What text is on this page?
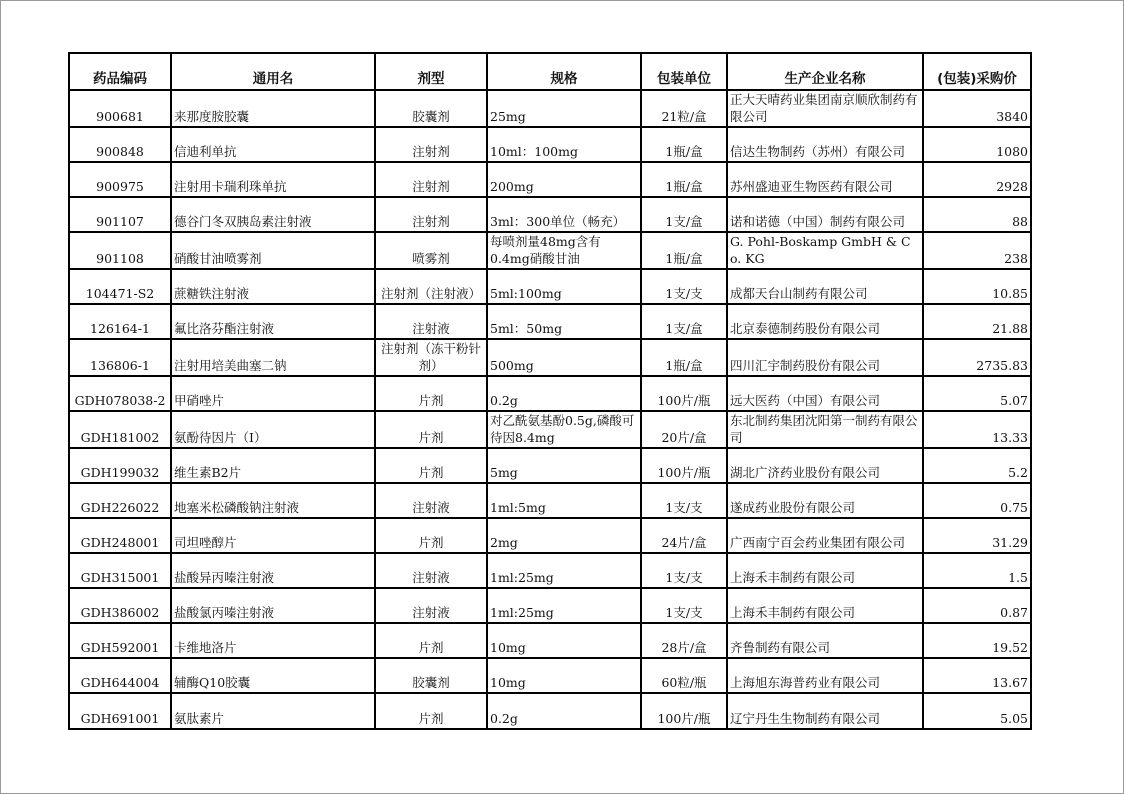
药品编码	通用名	剂型	规格	包装单位	生产企业名称	(包装)采购价
900681	来那度胺胶囊	胶囊剂	25mg	21粒/盒	正大天晴药业集团南京顺欣制药有限公司	3840
900848	信迪利单抗	注射剂	10ml：100mg	1瓶/盒	信达生物制药（苏州）有限公司	1080
900975	注射用卡瑞利珠单抗	注射剂	200mg	1瓶/盒	苏州盛迪亚生物医药有限公司	2928
901107	德谷门冬双胰岛素注射液	注射剂	3ml：300单位（畅充）	1支/盒	诺和诺德（中国）制药有限公司	88
901108	硝酸甘油喷雾剂	喷雾剂	每喷剂量48mg含有0.4mg硝酸甘油	1瓶/盒	G. Pohl-Boskamp GmbH & Co. KG	238
104471-S2	蔗糖铁注射液	注射剂（注射液）	5ml:100mg	1支/支	成都天台山制药有限公司	10.85
126164-1	氟比洛芬酯注射液	注射液	5ml：50mg	1支/盒	北京泰德制药股份有限公司	21.88
136806-1	注射用培美曲塞二钠	注射剂（冻干粉针剂）	500mg	1瓶/盒	四川汇宇制药股份有限公司	2735.83
GDH078038-2	甲硝唑片	片剂	0.2g	100片/瓶	远大医药（中国）有限公司	5.07
GDH181002	氨酚待因片（Ⅰ）	片剂	对乙酰氨基酚0.5g,磷酸可待因8.4mg	20片/盒	东北制药集团沈阳第一制药有限公司	13.33
GDH199032	维生素B2片	片剂	5mg	100片/瓶	湖北广济药业股份有限公司	5.2
GDH226022	地塞米松磷酸钠注射液	注射液	1ml:5mg	1支/支	遂成药业股份有限公司	0.75
GDH248001	司坦唑醇片	片剂	2mg	24片/盒	广西南宁百会药业集团有限公司	31.29
GDH315001	盐酸异丙嗪注射液	注射液	1ml:25mg	1支/支	上海禾丰制药有限公司	1.5
GDH386002	盐酸氯丙嗪注射液	注射液	1ml:25mg	1支/支	上海禾丰制药有限公司	0.87
GDH592001	卡维地洛片	片剂	10mg	28片/盒	齐鲁制药有限公司	19.52
GDH644004	辅酶Q10胶囊	胶囊剂	10mg	60粒/瓶	上海旭东海普药业有限公司	13.67
GDH691001	氨肽素片	片剂	0.2g	100片/瓶	辽宁丹生生物制药有限公司	5.05
